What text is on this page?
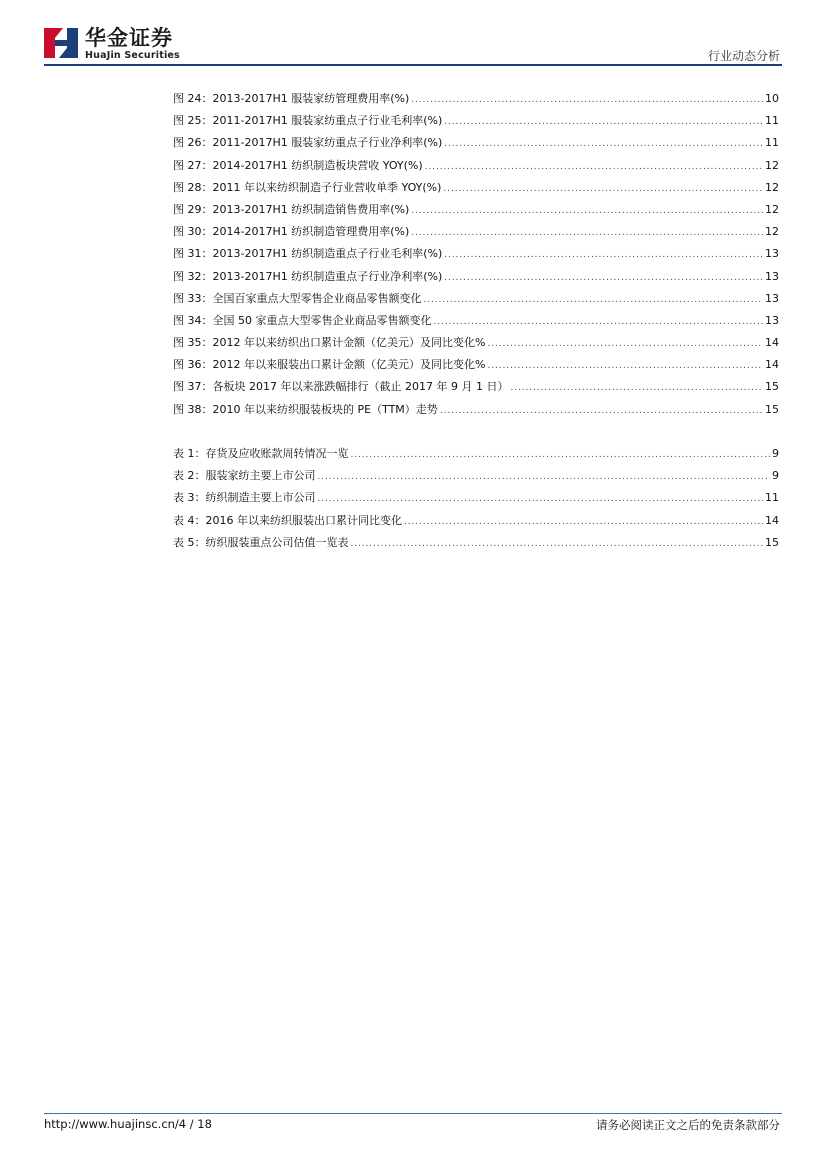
华金证券
HuaJin Securities	行业动态分析
图 24：2013-2017H1 服装家纺管理费用率(%) .....	10
图 25：2011-2017H1 服装家纺重点子行业毛利率(%) .....	11
图 26：2011-2017H1 服装家纺重点子行业净利率(%) .....	11
图 27：2014-2017H1 纺织制造板块营收 YOY(%) .....	12
图 28：2011 年以来纺织制造子行业营收单季 YOY(%) .....	12
图 29：2013-2017H1 纺织制造销售费用率(%) .....	12
图 30：2014-2017H1 纺织制造管理费用率(%) .....	12
图 31：2013-2017H1 纺织制造重点子行业毛利率(%) .....	13
图 32：2013-2017H1 纺织制造重点子行业净利率(%) .....	13
图 33：全国百家重点大型零售企业商品零售额变化 .....	13
图 34：全国 50 家重点大型零售企业商品零售额变化 .....	13
图 35：2012 年以来纺织出口累计金额（亿美元）及同比变化% .....	14
图 36：2012 年以来服装出口累计金额（亿美元）及同比变化% .....	14
图 37：各板块 2017 年以来涨跌幅排行（截止 2017 年 9 月 1 日） .....	15
图 38：2010 年以来纺织服装板块的 PE（TTM）走势 .....	15
表 1：存货及应收账款周转情况一览 .....	9
表 2：服装家纺主要上市公司 .....	9
表 3：纺织制造主要上市公司 .....	11
表 4：2016 年以来纺织服装出口累计同比变化 .....	14
表 5：纺织服装重点公司估值一览表 .....	15
http://www.huajinsc.cn/4 / 18	请务必阅读正文之后的免责条款部分
